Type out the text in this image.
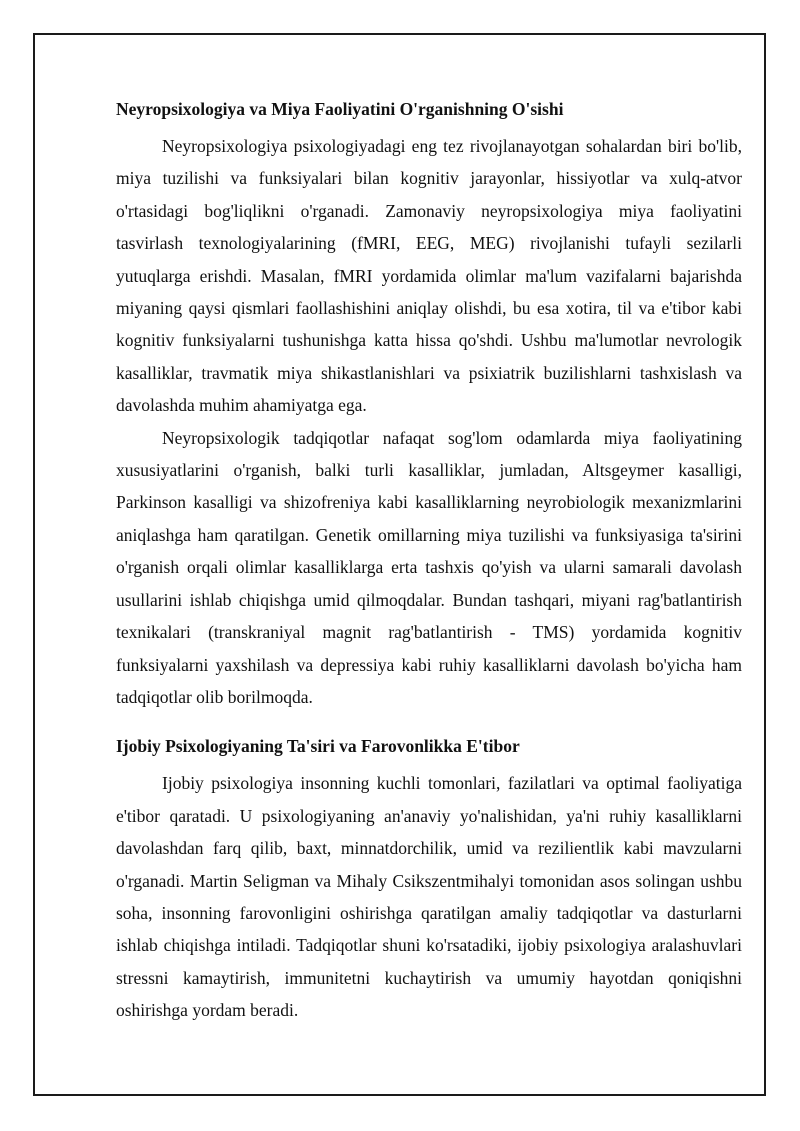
Neyropsixologiya va Miya Faoliyatini O'rganishning O'sishi

Neyropsixologiya psixologiyadagi eng tez rivojlanayotgan sohalardan biri bo'lib, miya tuzilishi va funksiyalari bilan kognitiv jarayonlar, hissiyotlar va xulq-atvor o'rtasidagi bog'liqlikni o'rganadi. Zamonaviy neyropsixologiya miya faoliyatini tasvirlash texnologiyalarining (fMRI, EEG, MEG) rivojlanishi tufayli sezilarli yutuqlarga erishdi. Masalan, fMRI yordamida olimlar ma'lum vazifalarni bajarishda miyaning qaysi qismlari faollashishini aniqlay olishdi, bu esa xotira, til va e'tibor kabi kognitiv funksiyalarni tushunishga katta hissa qo'shdi. Ushbu ma'lumotlar nevrologik kasalliklar, travmatik miya shikastlanishlari va psixiatrik buzilishlarni tashxislash va davolashda muhim ahamiyatga ega.

Neyropsixologik tadqiqotlar nafaqat sog'lom odamlarda miya faoliyatining xususiyatlarini o'rganish, balki turli kasalliklar, jumladan, Altsgeymer kasalligi, Parkinson kasalligi va shizofreniya kabi kasalliklarning neyrobiologik mexanizmlarini aniqlashga ham qaratilgan. Genetik omillarning miya tuzilishi va funksiyasiga ta'sirini o'rganish orqali olimlar kasalliklarga erta tashxis qo'yish va ularni samarali davolash usullarini ishlab chiqishga umid qilmoqdalar. Bundan tashqari, miyani rag'batlantirish texnikalari (transkraniyal magnit rag'batlantirish - TMS) yordamida kognitiv funksiyalarni yaxshilash va depressiya kabi ruhiy kasalliklarni davolash bo'yicha ham tadqiqotlar olib borilmoqda.

Ijobiy Psixologiyaning Ta'siri va Farovonlikka E'tibor

Ijobiy psixologiya insonning kuchli tomonlari, fazilatlari va optimal faoliyatiga e'tibor qaratadi. U psixologiyaning an'anaviy yo'nalishidan, ya'ni ruhiy kasalliklarni davolashdan farq qilib, baxt, minnatdorchilik, umid va rezilientlik kabi mavzularni o'rganadi. Martin Seligman va Mihaly Csikszentmihalyi tomonidan asos solingan ushbu soha, insonning farovonligini oshirishga qaratilgan amaliy tadqiqotlar va dasturlarni ishlab chiqishga intiladi. Tadqiqotlar shuni ko'rsatadiki, ijobiy psixologiya aralashuvlari stressni kamaytirish, immunitetni kuchaytirish va umumiy hayotdan qoniqishni oshirishga yordam beradi.
